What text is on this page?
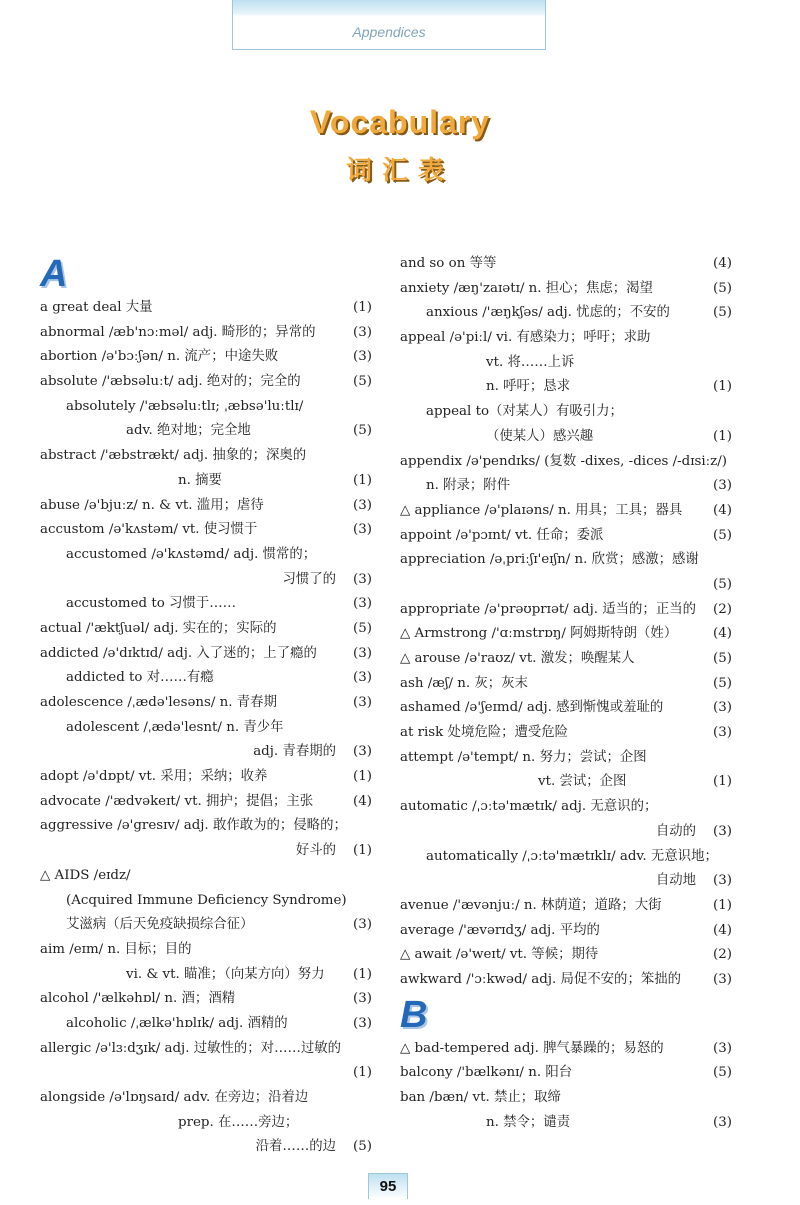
Appendices
Vocabulary
词汇表
A
a great deal 大量	(1)
abnormal /æb'nɔːməl/ adj. 畸形的；异常的	(3)
abortion /ə'bɔːʃən/ n. 流产；中途失败	(3)
absolute /'æbsəluːt/ adj. 绝对的；完全的	(5)
absolutely /'æbsəluːtlɪ; ˌæbsə'luːtlɪ/
adv. 绝对地；完全地	(5)
abstract /'æbstrækt/ adj. 抽象的；深奥的
n. 摘要	(1)
abuse /ə'bjuːz/ n. & vt. 滥用；虐待	(3)
accustom /ə'kʌstəm/ vt. 使习惯于	(3)
accustomed /ə'kʌstəmd/ adj. 惯常的；
习惯了的 (3)
accustomed to 习惯于……	(3)
actual /'æktʃuəl/ adj. 实在的；实际的	(5)
addicted /ə'dɪktɪd/ adj. 入了迷的；上了瘾的	(3)
addicted to 对……有瘾	(3)
adolescence /ˌædə'lesəns/ n. 青春期	(3)
adolescent /ˌædə'lesnt/ n. 青少年
adj. 青春期的 (3)
adopt /ə'dɒpt/ vt. 采用；采纳；收养	(1)
advocate /'ædvəkeɪt/ vt. 拥护；提倡；主张	(4)
aggressive /ə'gresɪv/ adj. 敢作敢为的；侵略的；
好斗的 (1)
△ AIDS /eɪdz/
(Acquired Immune Deficiency Syndrome)
艾滋病（后天免疫缺损综合征）	(3)
aim /eɪm/ n. 目标；目的
vi. & vt. 瞄准；（向某方向）努力 (1)
alcohol /'ælkəhɒl/ n. 酒；酒精	(3)
alcoholic /ˌælkə'hɒlɪk/ adj. 酒精的	(3)
allergic /ə'lɜːdʒɪk/ adj. 过敏性的；对……过敏的
(1)
alongside /ə'lɒŋsaɪd/ adv. 在旁边；沿着边
prep. 在……旁边；
沿着……的边 (5)
and so on 等等	(4)
anxiety /æŋ'zaɪətɪ/ n. 担心；焦虑；渴望	(5)
anxious /'æŋkʃəs/ adj. 忧虑的；不安的	(5)
appeal /ə'piːl/ vi. 有感染力；呼吁；求助
vt. 将……上诉
n. 呼吁；恳求	(1)
appeal to（对某人）有吸引力；
（使某人）感兴趣	(1)
appendix /ə'pendɪks/ (复数 -dixes, -dices /-dɪsiːz/)
n. 附录；附件	(3)
△ appliance /ə'plaɪəns/ n. 用具；工具；器具 (4)
appoint /ə'pɔɪnt/ vt. 任命；委派	(5)
appreciation /əˌpriːʃɪ'eɪʃn/ n. 欣赏；感激；感谢
(5)
appropriate /ə'prəʊprɪət/ adj. 适当的；正当的 (2)
△ Armstrong /'ɑːmstrɒŋ/ 阿姆斯特朗（姓）	(4)
△ arouse /ə'raʊz/ vt. 激发；唤醒某人	(5)
ash /æʃ/ n. 灰；灰末	(5)
ashamed /ə'ʃeɪmd/ adj. 感到惭愧或羞耻的	(3)
at risk 处境危险；遭受危险	(3)
attempt /ə'tempt/ n. 努力；尝试；企图
vt. 尝试；企图	(1)
automatic /ˌɔːtə'mætɪk/ adj. 无意识的；
自动的 (3)
automatically /ˌɔːtə'mætɪklɪ/ adv. 无意识地；
自动地 (3)
avenue /'ævənjuː/ n. 林荫道；道路；大街	(1)
average /'ævərɪdʒ/ adj. 平均的	(4)
△ await /ə'weɪt/ vt. 等候；期待	(2)
awkward /'ɔːkwəd/ adj. 局促不安的；笨拙的 (3)
B
△ bad-tempered adj. 脾气暴躁的；易怒的	(3)
balcony /'bælkənɪ/ n. 阳台	(5)
ban /bæn/ vt. 禁止；取缔
n. 禁令；谴责	(3)
95
